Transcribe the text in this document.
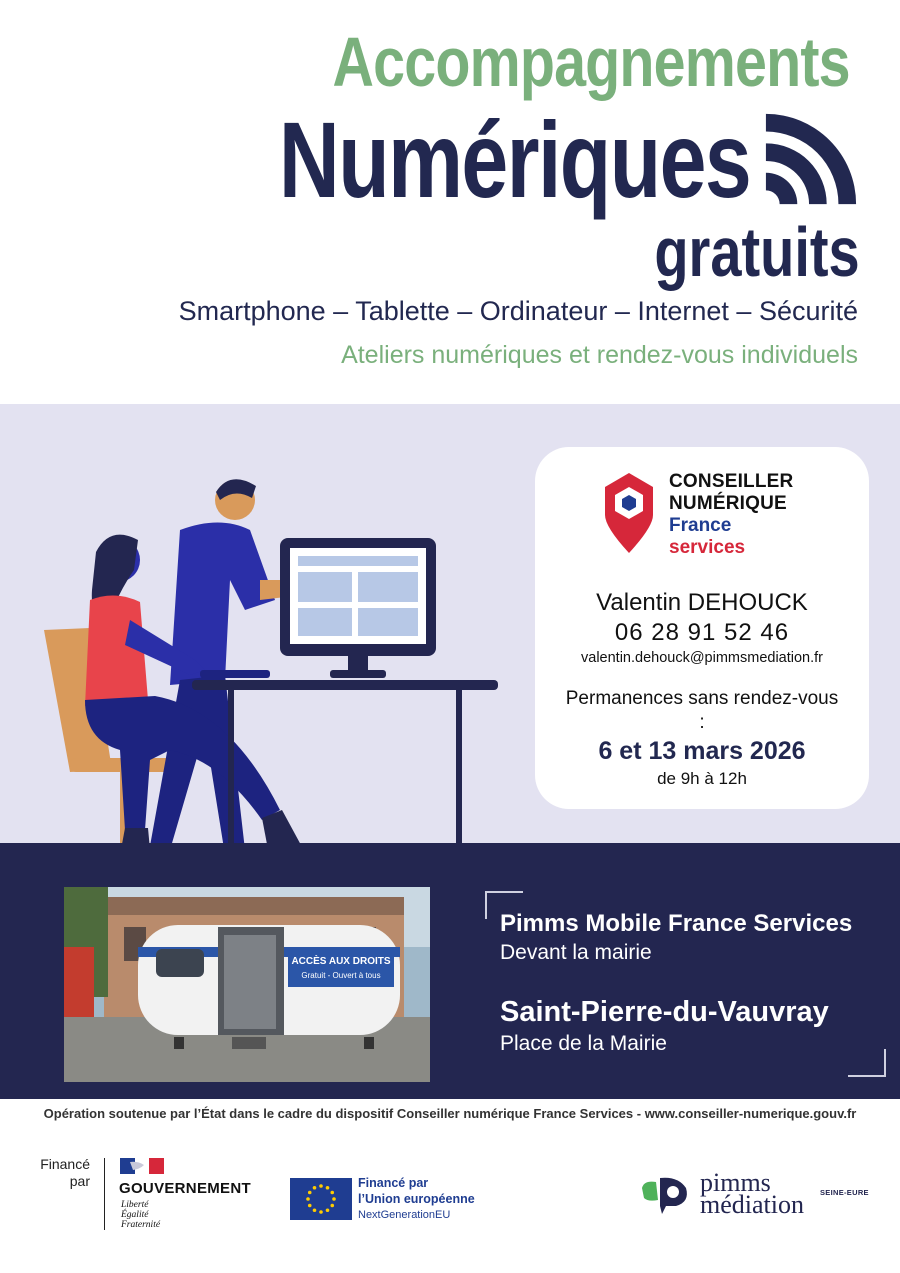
Accompagnements
Numériques
gratuits
Smartphone – Tablette – Ordinateur – Internet – Sécurité
Ateliers numériques et rendez-vous individuels
CONSEILLER
NUMÉRIQUE
France
services
Valentin DEHOUCK
06 28 91 52 46
valentin.dehouck@pimmsmediation.fr
Permanences sans rendez-vous :
6 et 13 mars 2026
de 9h à 12h
ACCÈS AUX DROITS
Gratuit - Ouvert à tous
Pimms Mobile France Services
Devant la mairie
Saint-Pierre-du-Vauvray
Place de la Mairie
Opération soutenue par l’État dans le cadre du dispositif Conseiller numérique France Services - www.conseiller-numerique.gouv.fr
Financé par GOUVERNEMENT
Liberté
Égalité
Fraternité
Financé par
l’Union européenne
NextGenerationEU
pimms
médiation SEINE-EURE
